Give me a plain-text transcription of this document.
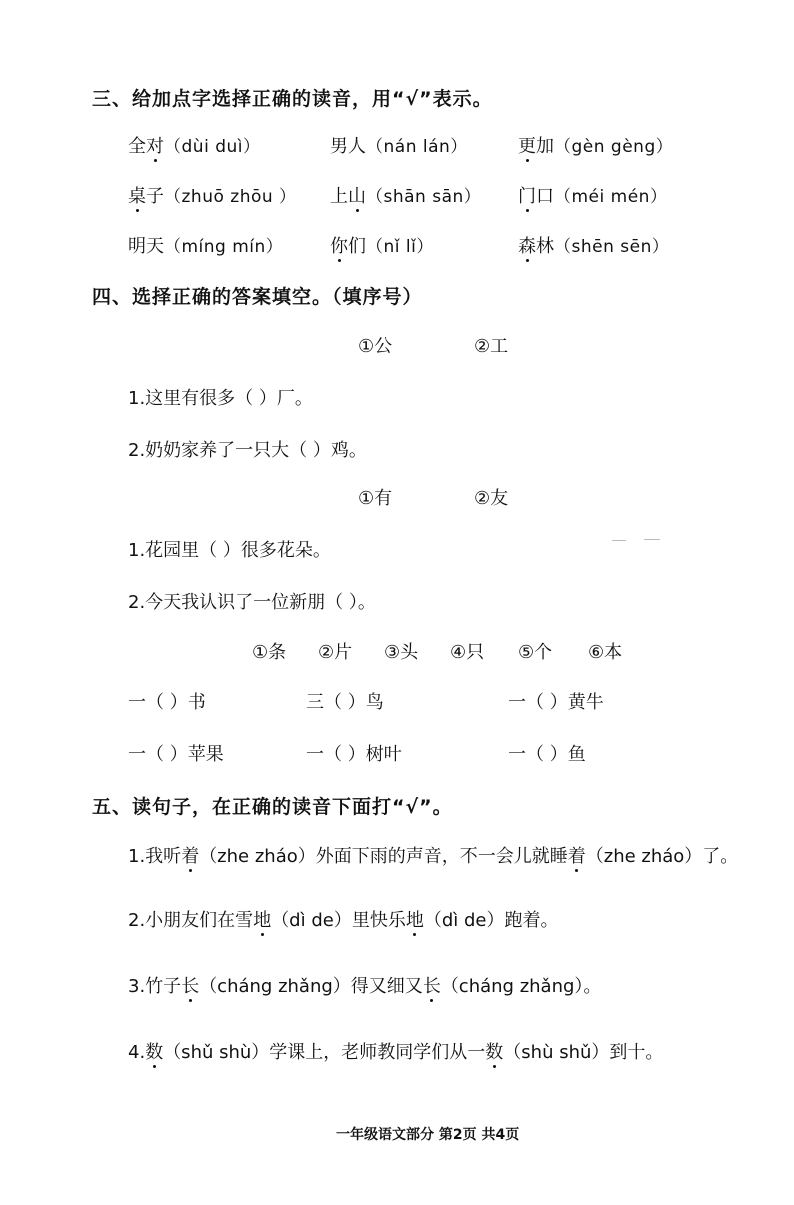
三、给加点字选择正确的读音，用“√”表示。
全对（dùi duì）	男人（nán lán）	更加（gèn gèng）
桌子（zhuō zhōu ） 上山（shān sān） 门口（méi mén）
明天（míng mín）	你们（nǐ lǐ）	森林（shēn sēn）
四、选择正确的答案填空。（填序号）
①公	②工
1.这里有很多（ ）厂。
2.奶奶家养了一只大（ ）鸡。
①有	②友
1.花园里（ ）很多花朵。
2.今天我认识了一位新朋（ ）。
①条 ②片 ③头 ④只 ⑤个 ⑥本
一（ ）书	三（ ）鸟	一（ ）黄牛
一（ ）苹果	一（ ）树叶	一（ ）鱼
五、读句子，在正确的读音下面打“√”。
1.我听着（zhe zháo）外面下雨的声音，不一会儿就睡着（zhe zháo）了。
2.小朋友们在雪地（dì de）里快乐地（dì de）跑着。
3.竹子长（cháng zhǎng）得又细又长（cháng zhǎng）。
4.数（shǔ shù）学课上，老师教同学们从一数（shù shǔ）到十。
一年级语文部分 第2页 共4页
